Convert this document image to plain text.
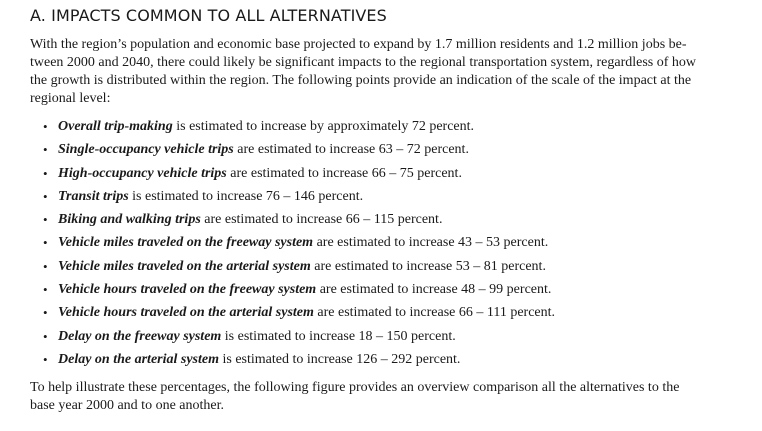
A. IMPACTS COMMON TO ALL ALTERNATIVES

With the region’s population and economic base projected to expand by 1.7 million residents and 1.2 million jobs be-
tween 2000 and 2040, there could likely be significant impacts to the regional transportation system, regardless of how
the growth is distributed within the region. The following points provide an indication of the scale of the impact at the
regional level:

• Overall trip-making is estimated to increase by approximately 72 percent.
• Single-occupancy vehicle trips are estimated to increase 63 – 72 percent.
• High-occupancy vehicle trips are estimated to increase 66 – 75 percent.
• Transit trips is estimated to increase 76 – 146 percent.
• Biking and walking trips are estimated to increase 66 – 115 percent.
• Vehicle miles traveled on the freeway system are estimated to increase 43 – 53 percent.
• Vehicle miles traveled on the arterial system are estimated to increase 53 – 81 percent.
• Vehicle hours traveled on the freeway system are estimated to increase 48 – 99 percent.
• Vehicle hours traveled on the arterial system are estimated to increase 66 – 111 percent.
• Delay on the freeway system is estimated to increase 18 – 150 percent.
• Delay on the arterial system is estimated to increase 126 – 292 percent.

To help illustrate these percentages, the following figure provides an overview comparison all the alternatives to the
base year 2000 and to one another.
